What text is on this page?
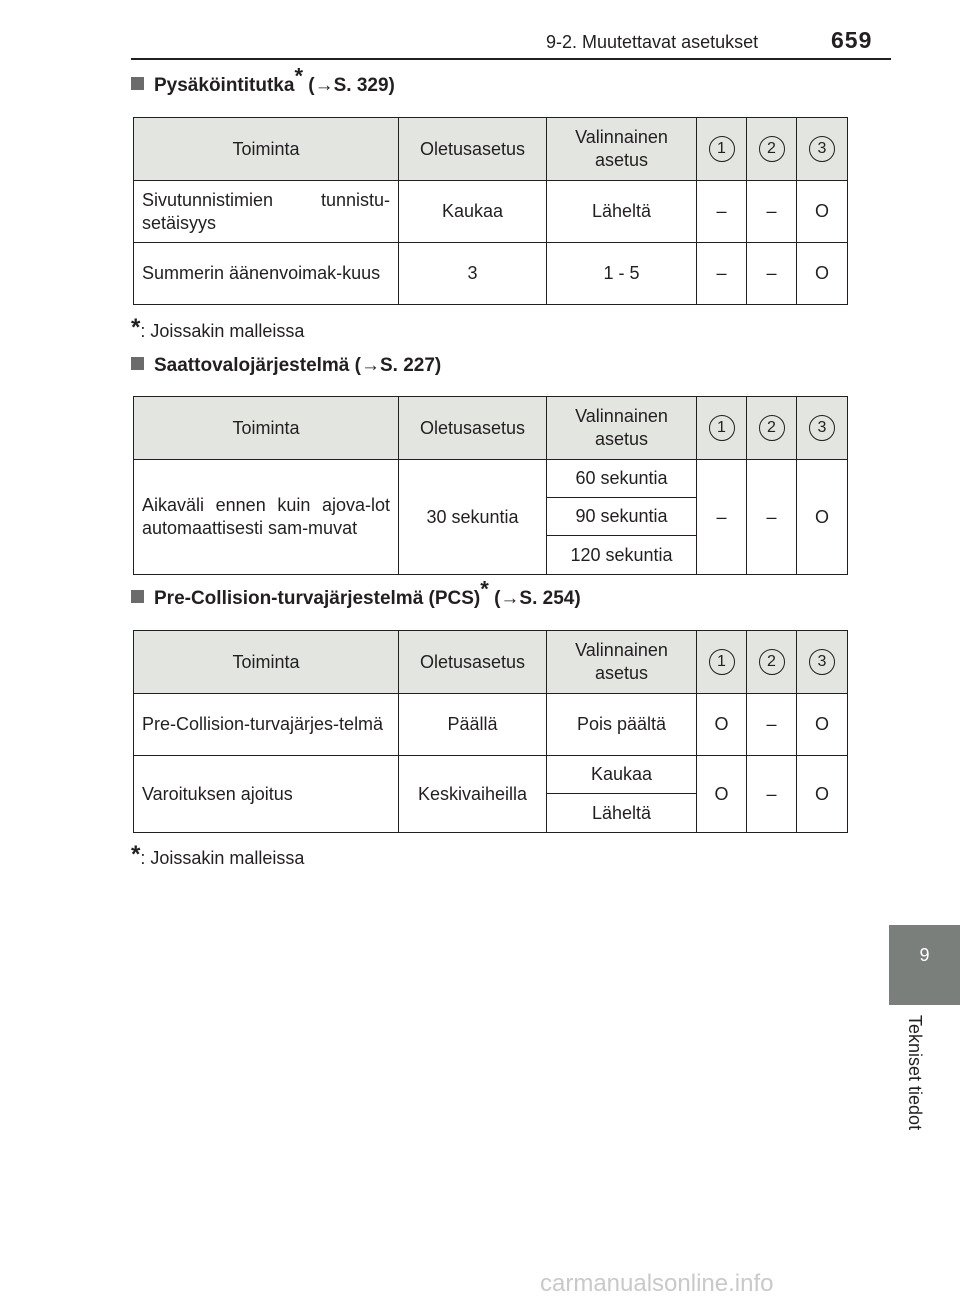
9-2. Muutettavat asetukset	659
Pysäköintitutka* (→S. 329)
Toiminta	Oletusasetus	Valinnainen asetus	1	2	3
Sivutunnistimien tunnistu-setäisyys	Kaukaa	Läheltä	–	–	O
Summerin äänenvoimak-kuus	3	1 - 5	–	–	O
*: Joissakin malleissa
Saattovalojärjestelmä (→S. 227)
Toiminta	Oletusasetus	Valinnainen asetus	1	2	3
Aikaväli ennen kuin ajova-lot automaattisesti sam-muvat	30 sekuntia	60 sekuntia	–	–	O
		90 sekuntia			
		120 sekuntia			
Pre-Collision-turvajärjestelmä (PCS)* (→S. 254)
Toiminta	Oletusasetus	Valinnainen asetus	1	2	3
Pre-Collision-turvajärjes-telmä	Päällä	Pois päältä	O	–	O
Varoituksen ajoitus	Keskivaiheilla	Kaukaa	O	–	O
		Läheltä			
*: Joissakin malleissa
9
Tekniset tiedot
carmanualsonline.info
